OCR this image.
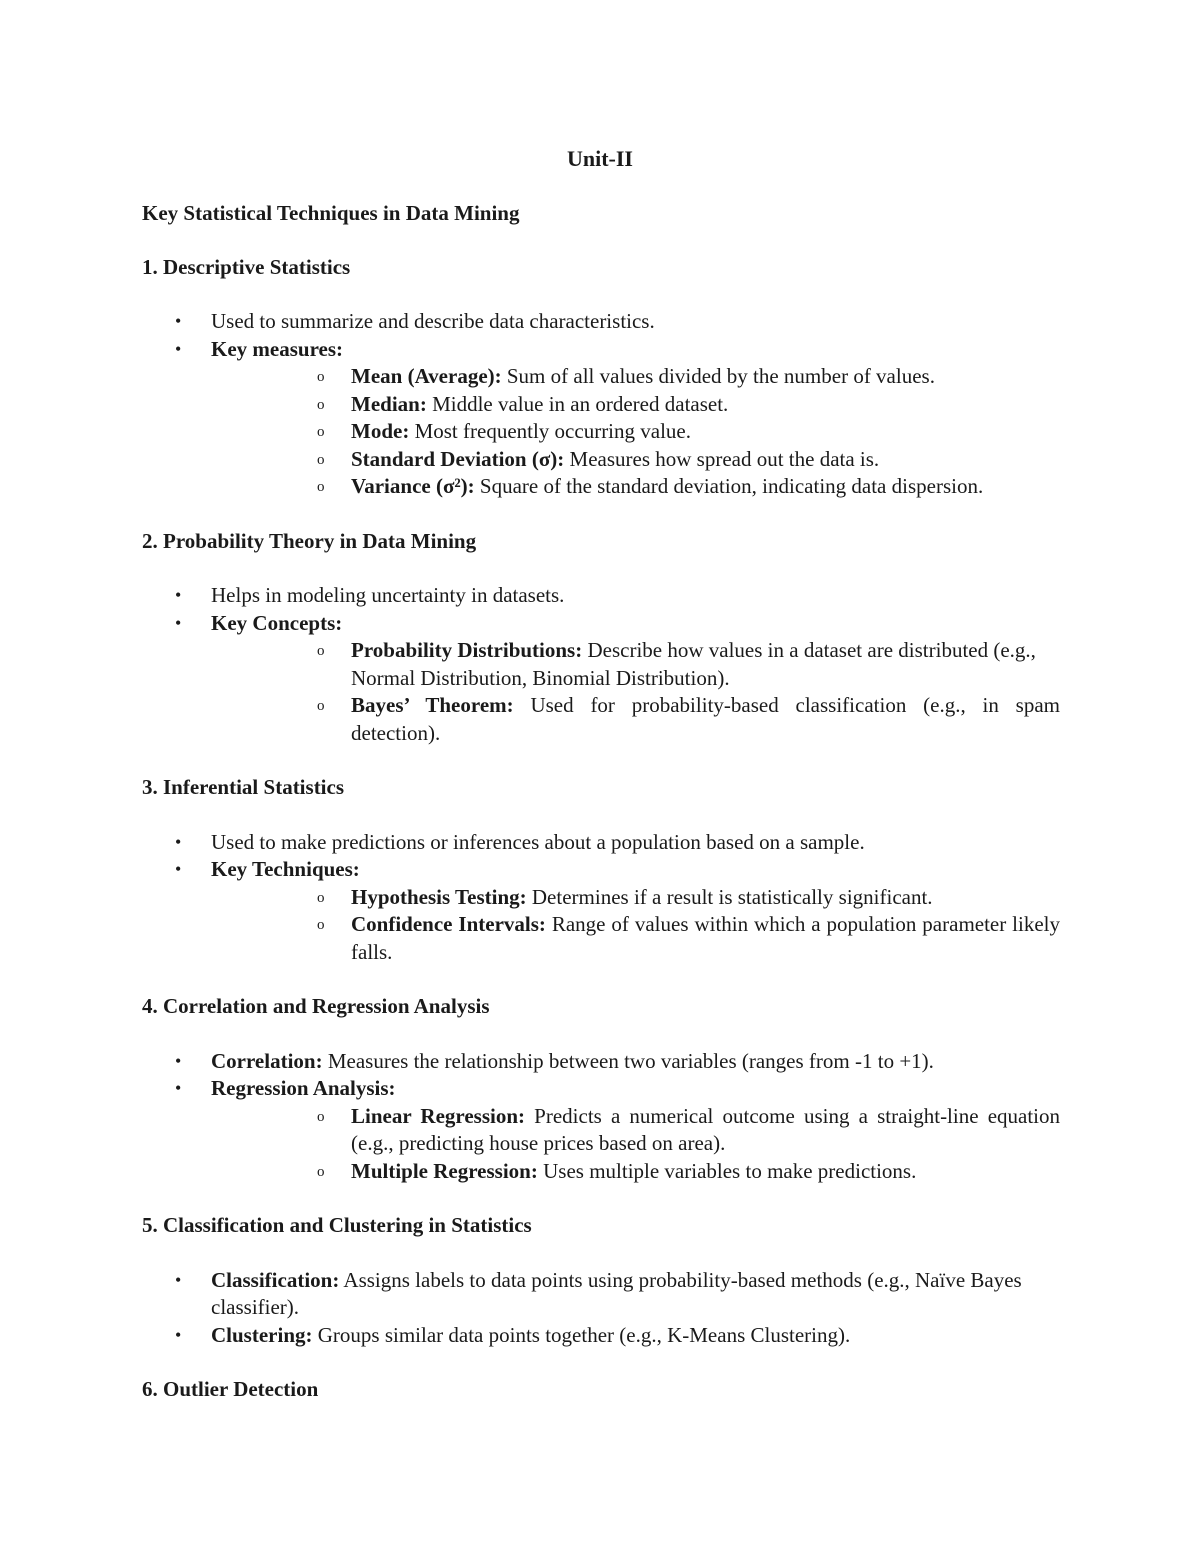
Unit-II
Key Statistical Techniques in Data Mining
1. Descriptive Statistics
• Used to summarize and describe data characteristics.
• Key measures:
o Mean (Average): Sum of all values divided by the number of values.
o Median: Middle value in an ordered dataset.
o Mode: Most frequently occurring value.
o Standard Deviation (σ): Measures how spread out the data is.
o Variance (σ²): Square of the standard deviation, indicating data dispersion.
2. Probability Theory in Data Mining
• Helps in modeling uncertainty in datasets.
• Key Concepts:
o Probability Distributions: Describe how values in a dataset are distributed (e.g., Normal Distribution, Binomial Distribution).
o Bayes’ Theorem: Used for probability-based classification (e.g., in spam detection).
3. Inferential Statistics
• Used to make predictions or inferences about a population based on a sample.
• Key Techniques:
o Hypothesis Testing: Determines if a result is statistically significant.
o Confidence Intervals: Range of values within which a population parameter likely falls.
4. Correlation and Regression Analysis
• Correlation: Measures the relationship between two variables (ranges from -1 to +1).
• Regression Analysis:
o Linear Regression: Predicts a numerical outcome using a straight-line equation (e.g., predicting house prices based on area).
o Multiple Regression: Uses multiple variables to make predictions.
5. Classification and Clustering in Statistics
• Classification: Assigns labels to data points using probability-based methods (e.g., Naïve Bayes classifier).
• Clustering: Groups similar data points together (e.g., K-Means Clustering).
6. Outlier Detection
